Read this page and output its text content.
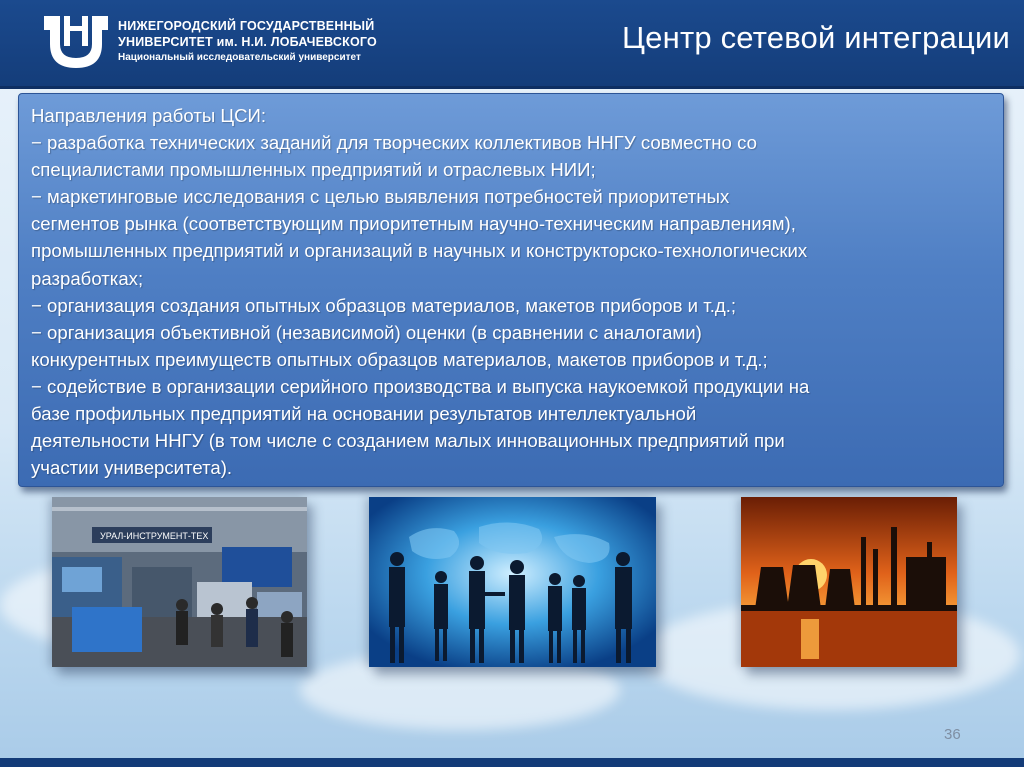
НИЖЕГОРОДСКИЙ ГОСУДАРСТВЕННЫЙ
УНИВЕРСИТЕТ им. Н.И. ЛОБАЧЕВСКОГО
Национальный исследовательский университет
Центр сетевой интеграции

Направления работы ЦСИ:

− разработка технических заданий для творческих коллективов ННГУ совместно со

специалистами промышленных предприятий и отраслевых НИИ;

− маркетинговые исследования с целью выявления потребностей приоритетных

сегментов рынка (соответствующим приоритетным научно-техническим направлениям),

промышленных предприятий и организаций в научных и конструкторско-технологических

разработках;

− организация создания опытных образцов материалов, макетов приборов и т.д.;

− организация объективной (независимой) оценки (в сравнении с аналогами)

конкурентных преимуществ опытных образцов материалов, макетов приборов и т.д.;

− содействие в организации серийного производства и выпуска наукоемкой продукции на

базе профильных предприятий на основании результатов интеллектуальной

деятельности ННГУ (в том числе с созданием малых инновационных предприятий при

участии университета).

УРАЛ-ИНСТРУМЕНТ-ТЕХ
36
